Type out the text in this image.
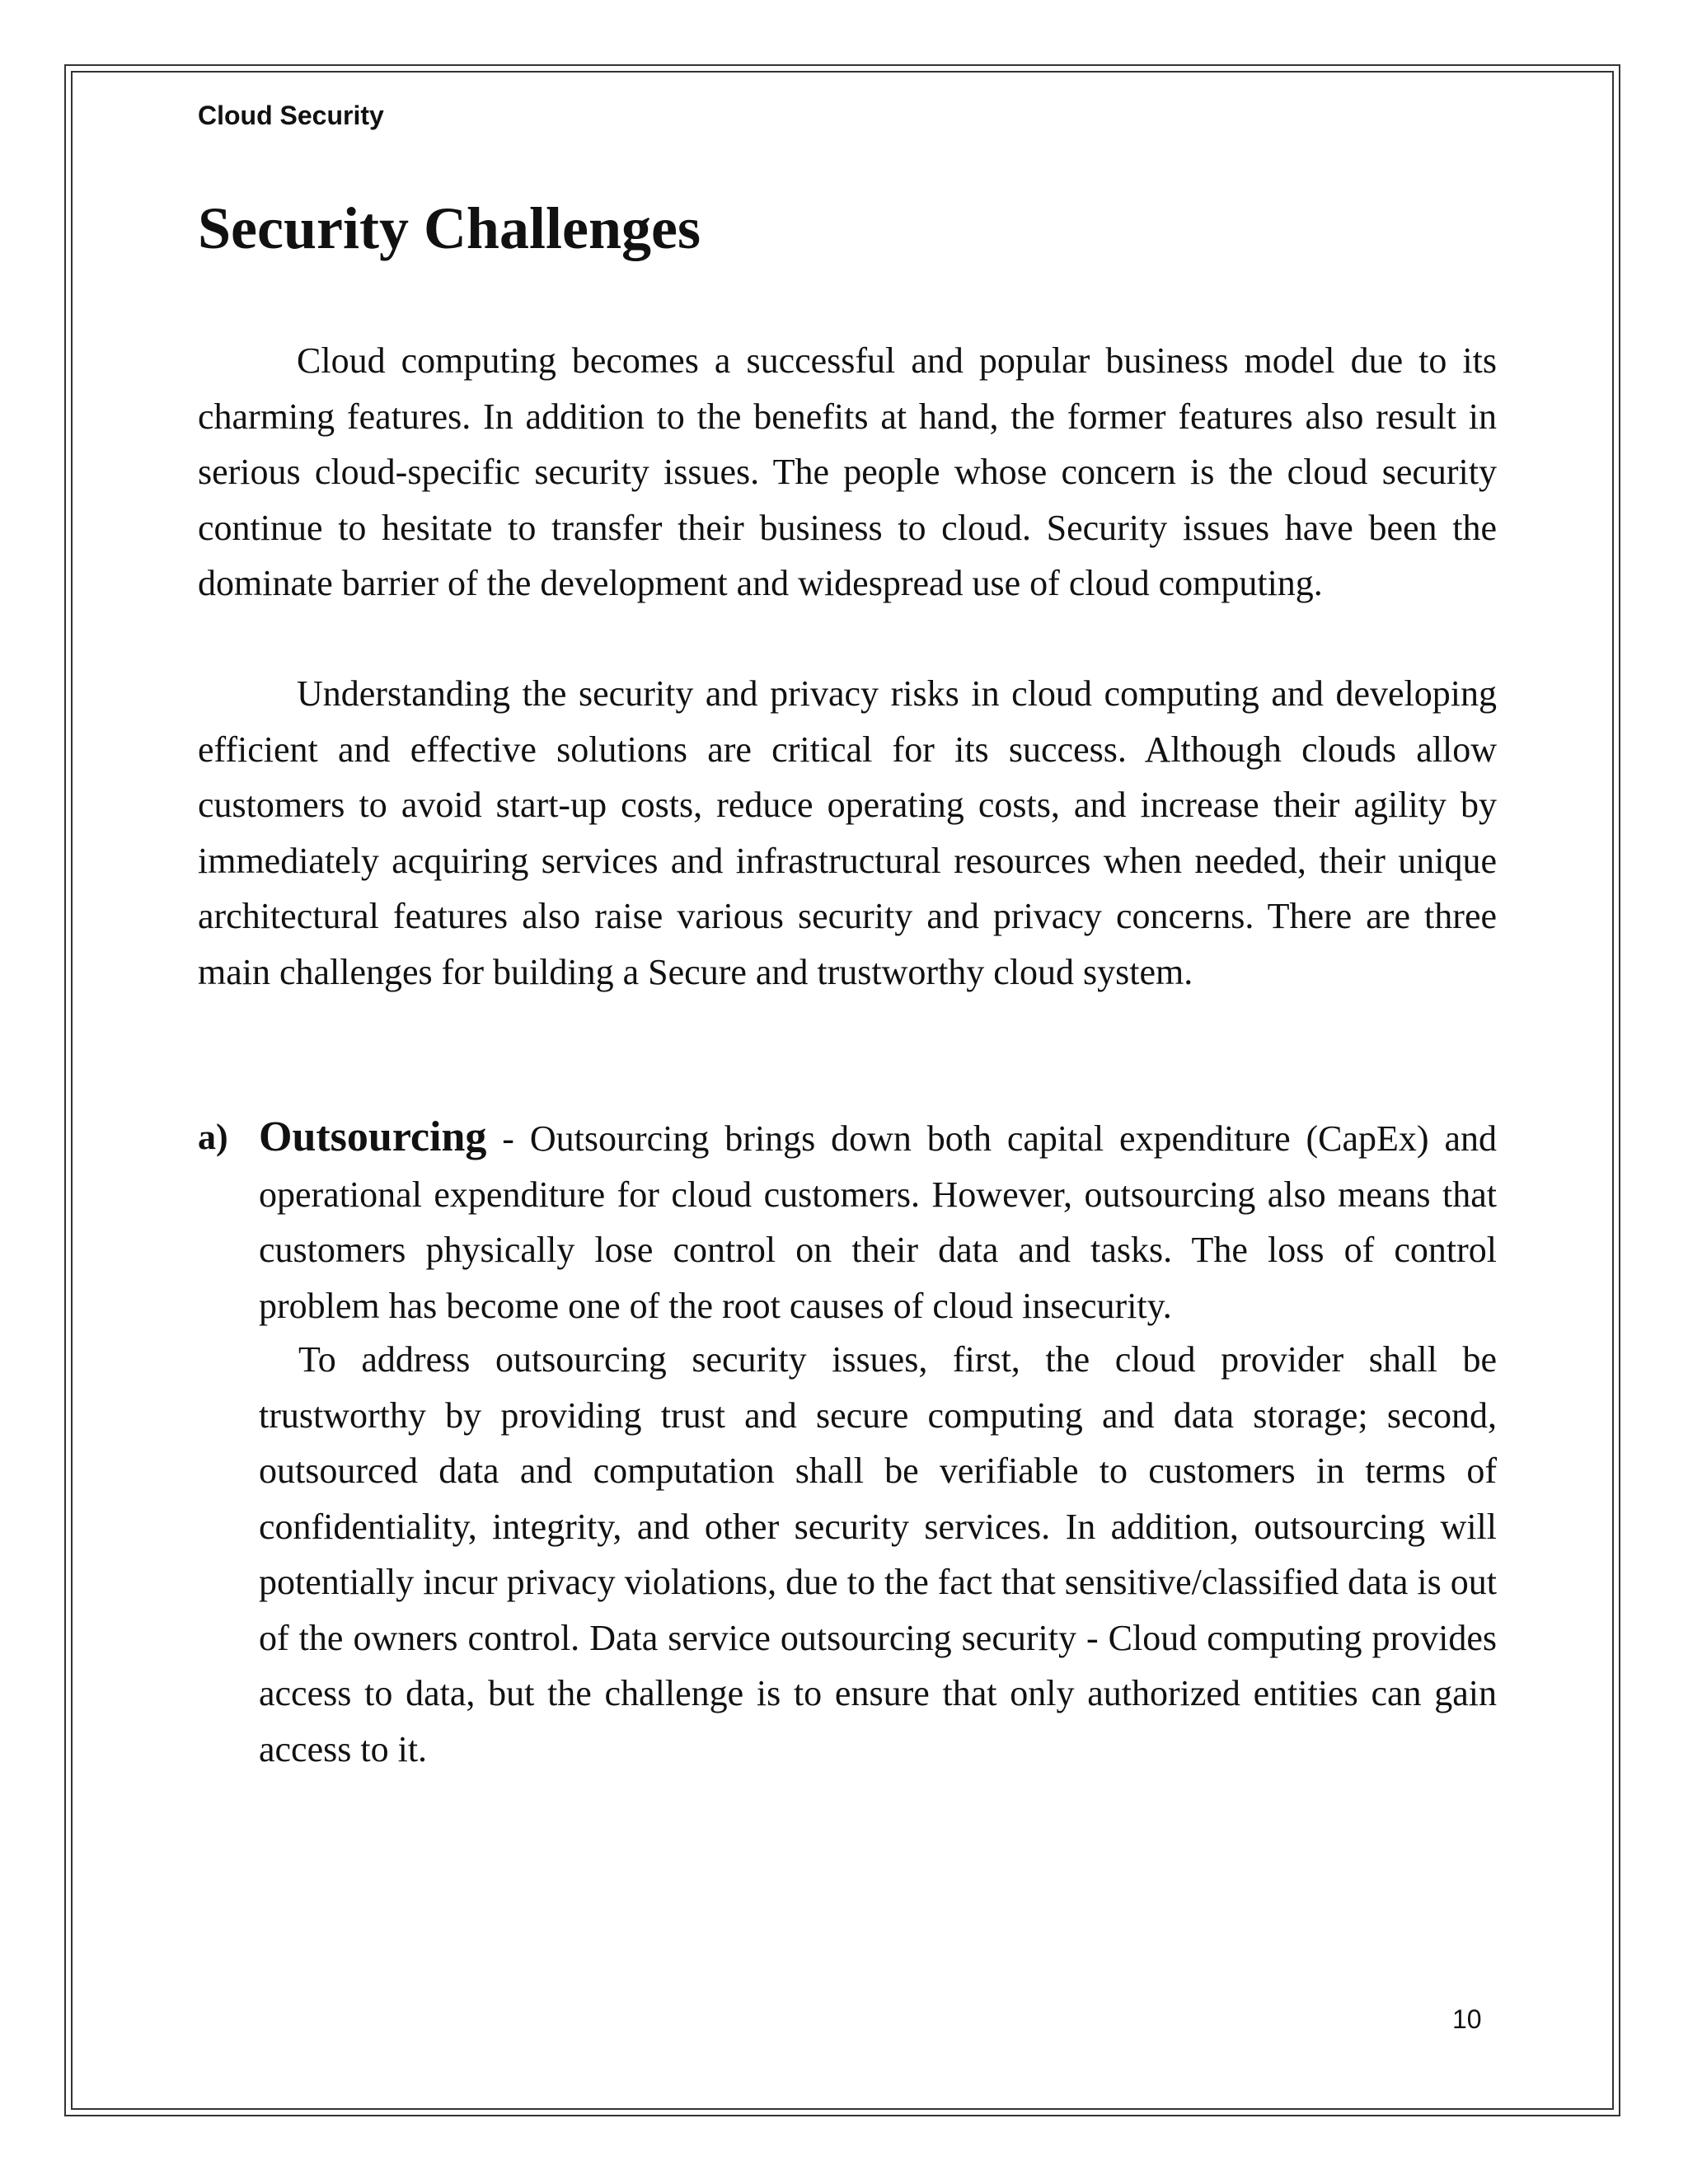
Cloud Security
Security Challenges

Cloud computing becomes a successful and popular business model due to its charming features. In addition to the benefits at hand, the former features also result in serious cloud-specific security issues. The people whose concern is the cloud security continue to hesitate to transfer their business to cloud. Security issues have been the dominate barrier of the development and widespread use of cloud computing.

Understanding the security and privacy risks in cloud computing and developing efficient and effective solutions are critical for its success. Although clouds allow customers to avoid start-up costs, reduce operating costs, and increase their agility by immediately acquiring services and infrastructural resources when needed, their unique architectural features also raise various security and privacy concerns. There are three main challenges for building a Secure and trustworthy cloud system.

a) Outsourcing - Outsourcing brings down both capital expenditure (CapEx) and operational expenditure for cloud customers. However, outsourcing also means that customers physically lose control on their data and tasks. The loss of control problem has become one of the root causes of cloud insecurity.

To address outsourcing security issues, first, the cloud provider shall be trustworthy by providing trust and secure computing and data storage; second, outsourced data and computation shall be verifiable to customers in terms of confidentiality, integrity, and other security services. In addition, outsourcing will potentially incur privacy violations, due to the fact that sensitive/classified data is out of the owners control. Data service outsourcing security - Cloud computing provides access to data, but the challenge is to ensure that only authorized entities can gain access to it.

10
